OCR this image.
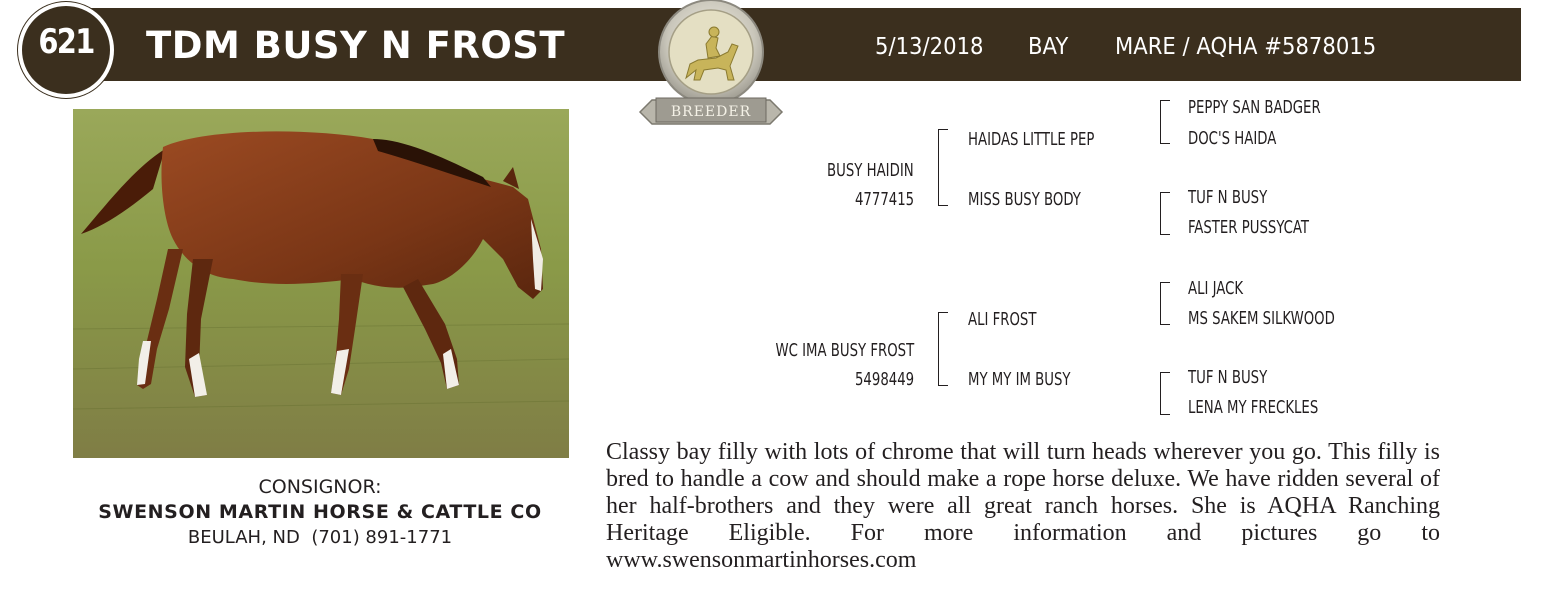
621	TDM BUSY N FROST	5/13/2018 BAY MARE / AQHA #5878015
BREEDER
CONSIGNOR:
SWENSON MARTIN HORSE & CATTLE CO
BEULAH, ND (701) 891-1771
BUSY HAIDIN
4777415
HAIDAS LITTLE PEP
MISS BUSY BODY
PEPPY SAN BADGER
DOC'S HAIDA
TUF N BUSY
FASTER PUSSYCAT
WC IMA BUSY FROST
5498449
ALI FROST
MY MY IM BUSY
ALI JACK
MS SAKEM SILKWOOD
TUF N BUSY
LENA MY FRECKLES
Classy bay filly with lots of chrome that will turn heads wherever you go. This filly is bred to handle a cow and should make a rope horse deluxe. We have ridden several of her half-brothers and they were all great ranch horses. She is AQHA Ranching Heritage Eligible. For more information and pictures go to www.swensonmartinhorses.com
